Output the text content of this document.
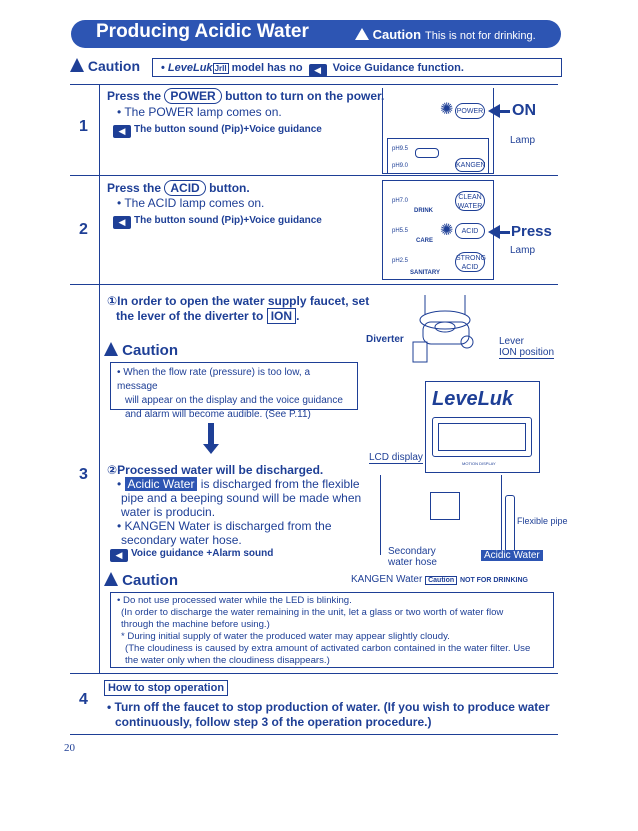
Producing Acidic Water	Caution This is not for drinking.
Caution	• LeveLuk JrII model has no ◀ Voice Guidance function.
1
Press the POWER button to turn on the power.
• The POWER lamp comes on.
◀ The button sound (Pip)+Voice guidance
POWER
✺	ON
Lamp
pH9.5
pH9.0	KANGEN
2
Press the ACID button.
• The ACID lamp comes on.
◀ The button sound (Pip)+Voice guidance
pH7.0
pH5.5
pH2.5
DRINK
CARE
SANITARY
CLEAN WATER
ACID
✺
STRONG ACID
Press
Lamp
3
①In order to open the water supply faucet, set
the lever of the diverter to ION .
Caution
• When the flow rate (pressure) is too low, a message
will appear on the display and the voice guidance
and alarm will become audible. (See P.11)
②Processed water will be discharged.
• Acidic Water is discharged from the flexible
pipe and a beeping sound will be made when
water is producin.
• KANGEN Water is discharged from the
secondary water hose.
◀ Voice guidance +Alarm sound
Caution
• Do not use processed water while the LED is blinking.
(In order to discharge the water remaining in the unit, let a glass or two worth of water flow
through the machine before using.)
* During initial supply of water the produced water may appear slightly cloudy.
(The cloudiness is caused by extra amount of activated carbon contained in the water filter. Use
the water only when the cloudiness disappears.)
Diverter	Lever
ION position
LeveLuk
MOTION DISPLAY
LCD display
Flexible pipe
Secondary
water hose
Acidic Water
KANGEN Water Caution NOT FOR DRINKING
4
How to stop operation
• Turn off the faucet to stop production of water. (If you wish to produce water
continuously, follow step 3 of the operation procedure.)
20
